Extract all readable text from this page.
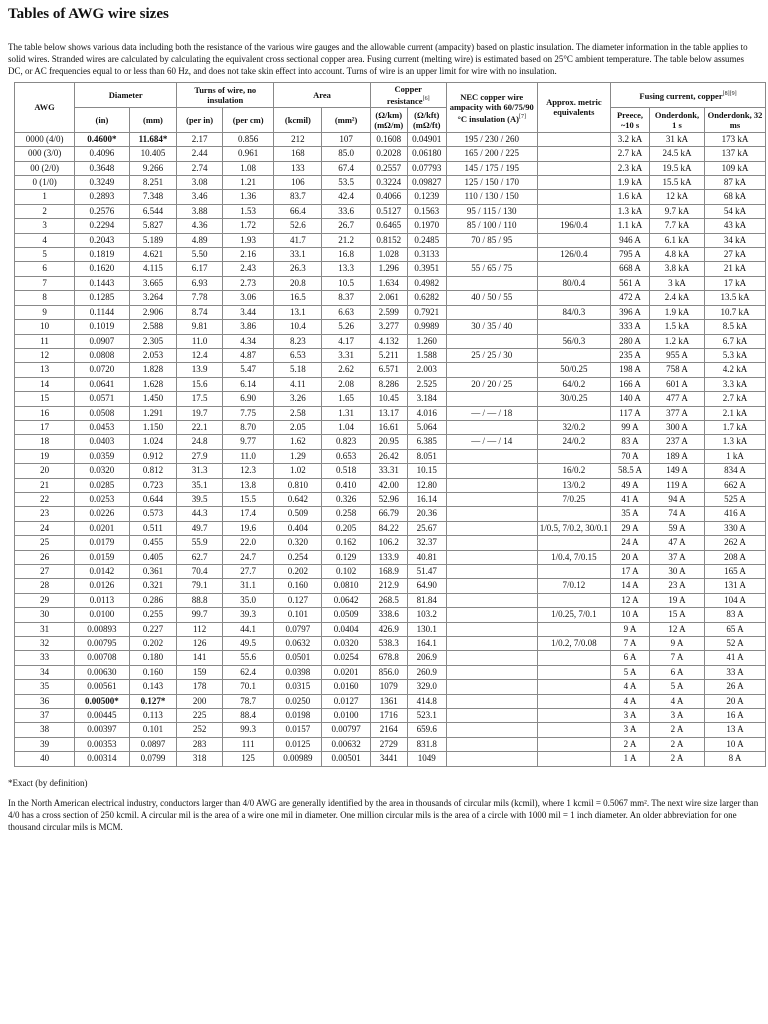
Tables of AWG wire sizes

The table below shows various data including both the resistance of the various wire gauges and the allowable current (ampacity) based on plastic insulation. The diameter information in the table applies to solid wires. Stranded wires are calculated by calculating the equivalent cross sectional copper area. Fusing current (melting wire) is estimated based on 25°C ambient temperature. The table below assumes DC, or AC frequencies equal to or less than 60 Hz, and does not take skin effect into account. Turns of wire is an upper limit for wire with no insulation.

AWG	Diameter		Turns of wire, no insulation		Area		Copper resistance[6]		NEC copper wire ampacity with 60/75/90 °C insulation (A)[7]	Approx. metric equivalents	Fusing current, copper[8][9]
	(in)	(mm)	(per in)	(per cm)	(kcmil)	(mm²)	(Ω/km) (mΩ/m)	(Ω/kft) (mΩ/ft)			Preece, ~10 s	Onderdonk, 1 s	Onderdonk, 32 ms
0000 (4/0)	0.4600*	11.684*	2.17	0.856	212	107	0.1608	0.04901	195 / 230 / 260		3.2 kA	31 kA	173 kA
000 (3/0)	0.4096	10.405	2.44	0.961	168	85.0	0.2028	0.06180	165 / 200 / 225		2.7 kA	24.5 kA	137 kA
00 (2/0)	0.3648	9.266	2.74	1.08	133	67.4	0.2557	0.07793	145 / 175 / 195		2.3 kA	19.5 kA	109 kA
0 (1/0)	0.3249	8.251	3.08	1.21	106	53.5	0.3224	0.09827	125 / 150 / 170		1.9 kA	15.5 kA	87 kA
1	0.2893	7.348	3.46	1.36	83.7	42.4	0.4066	0.1239	110 / 130 / 150		1.6 kA	12 kA	68 kA
2	0.2576	6.544	3.88	1.53	66.4	33.6	0.5127	0.1563	95 / 115 / 130		1.3 kA	9.7 kA	54 kA
3	0.2294	5.827	4.36	1.72	52.6	26.7	0.6465	0.1970	85 / 100 / 110	196/0.4	1.1 kA	7.7 kA	43 kA
4	0.2043	5.189	4.89	1.93	41.7	21.2	0.8152	0.2485	70 / 85 / 95		946 A	6.1 kA	34 kA
5	0.1819	4.621	5.50	2.16	33.1	16.8	1.028	0.3133		126/0.4	795 A	4.8 kA	27 kA
6	0.1620	4.115	6.17	2.43	26.3	13.3	1.296	0.3951	55 / 65 / 75		668 A	3.8 kA	21 kA
7	0.1443	3.665	6.93	2.73	20.8	10.5	1.634	0.4982		80/0.4	561 A	3 kA	17 kA
8	0.1285	3.264	7.78	3.06	16.5	8.37	2.061	0.6282	40 / 50 / 55		472 A	2.4 kA	13.5 kA
9	0.1144	2.906	8.74	3.44	13.1	6.63	2.599	0.7921		84/0.3	396 A	1.9 kA	10.7 kA
10	0.1019	2.588	9.81	3.86	10.4	5.26	3.277	0.9989	30 / 35 / 40		333 A	1.5 kA	8.5 kA
11	0.0907	2.305	11.0	4.34	8.23	4.17	4.132	1.260		56/0.3	280 A	1.2 kA	6.7 kA
12	0.0808	2.053	12.4	4.87	6.53	3.31	5.211	1.588	25 / 25 / 30		235 A	955 A	5.3 kA
13	0.0720	1.828	13.9	5.47	5.18	2.62	6.571	2.003		50/0.25	198 A	758 A	4.2 kA
14	0.0641	1.628	15.6	6.14	4.11	2.08	8.286	2.525	20 / 20 / 25	64/0.2	166 A	601 A	3.3 kA
15	0.0571	1.450	17.5	6.90	3.26	1.65	10.45	3.184		30/0.25	140 A	477 A	2.7 kA
16	0.0508	1.291	19.7	7.75	2.58	1.31	13.17	4.016	— / — / 18		117 A	377 A	2.1 kA
17	0.0453	1.150	22.1	8.70	2.05	1.04	16.61	5.064		32/0.2	99 A	300 A	1.7 kA
18	0.0403	1.024	24.8	9.77	1.62	0.823	20.95	6.385	— / — / 14	24/0.2	83 A	237 A	1.3 kA
19	0.0359	0.912	27.9	11.0	1.29	0.653	26.42	8.051			70 A	189 A	1 kA
20	0.0320	0.812	31.3	12.3	1.02	0.518	33.31	10.15		16/0.2	58.5 A	149 A	834 A
21	0.0285	0.723	35.1	13.8	0.810	0.410	42.00	12.80		13/0.2	49 A	119 A	662 A
22	0.0253	0.644	39.5	15.5	0.642	0.326	52.96	16.14		7/0.25	41 A	94 A	525 A
23	0.0226	0.573	44.3	17.4	0.509	0.258	66.79	20.36			35 A	74 A	416 A
24	0.0201	0.511	49.7	19.6	0.404	0.205	84.22	25.67		1/0.5, 7/0.2, 30/0.1	29 A	59 A	330 A
25	0.0179	0.455	55.9	22.0	0.320	0.162	106.2	32.37			24 A	47 A	262 A
26	0.0159	0.405	62.7	24.7	0.254	0.129	133.9	40.81		1/0.4, 7/0.15	20 A	37 A	208 A
27	0.0142	0.361	70.4	27.7	0.202	0.102	168.9	51.47			17 A	30 A	165 A
28	0.0126	0.321	79.1	31.1	0.160	0.0810	212.9	64.90		7/0.12	14 A	23 A	131 A
29	0.0113	0.286	88.8	35.0	0.127	0.0642	268.5	81.84			12 A	19 A	104 A
30	0.0100	0.255	99.7	39.3	0.101	0.0509	338.6	103.2		1/0.25, 7/0.1	10 A	15 A	83 A
31	0.00893	0.227	112	44.1	0.0797	0.0404	426.9	130.1			9 A	12 A	65 A
32	0.00795	0.202	126	49.5	0.0632	0.0320	538.3	164.1		1/0.2, 7/0.08	7 A	9 A	52 A
33	0.00708	0.180	141	55.6	0.0501	0.0254	678.8	206.9			6 A	7 A	41 A
34	0.00630	0.160	159	62.4	0.0398	0.0201	856.0	260.9			5 A	6 A	33 A
35	0.00561	0.143	178	70.1	0.0315	0.0160	1079	329.0			4 A	5 A	26 A
36	0.00500*	0.127*	200	78.7	0.0250	0.0127	1361	414.8			4 A	4 A	20 A
37	0.00445	0.113	225	88.4	0.0198	0.0100	1716	523.1			3 A	3 A	16 A
38	0.00397	0.101	252	99.3	0.0157	0.00797	2164	659.6			3 A	2 A	13 A
39	0.00353	0.0897	283	111	0.0125	0.00632	2729	831.8			2 A	2 A	10 A
40	0.00314	0.0799	318	125	0.00989	0.00501	3441	1049			1 A	2 A	8 A

*Exact (by definition)

In the North American electrical industry, conductors larger than 4/0 AWG are generally identified by the area in thousands of circular mils (kcmil), where 1 kcmil = 0.5067 mm². The next wire size larger than 4/0 has a cross section of 250 kcmil. A circular mil is the area of a wire one mil in diameter. One million circular mils is the area of a circle with 1000 mil = 1 inch diameter. An older abbreviation for one thousand circular mils is MCM.
